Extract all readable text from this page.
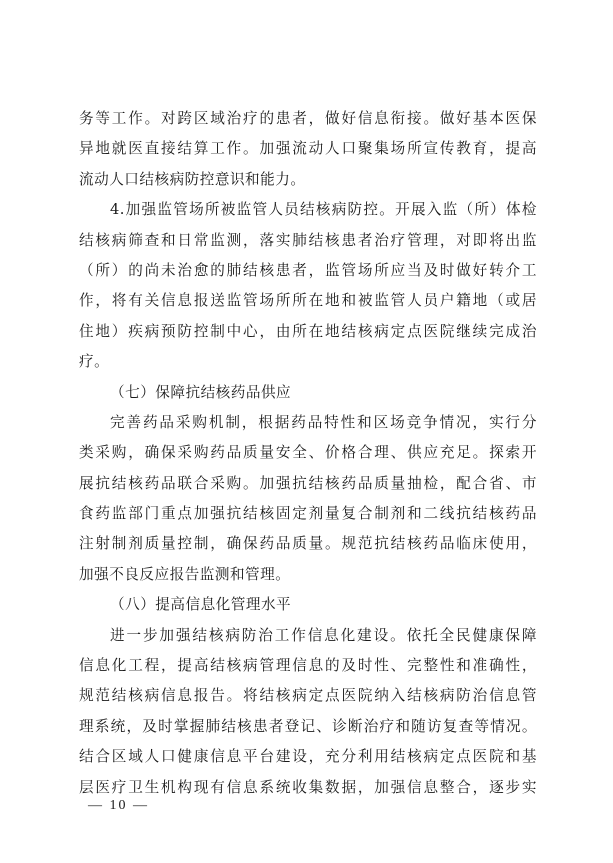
务等工作。对跨区域治疗的患者，做好信息衔接。做好基本医保
异地就医直接结算工作。加强流动人口聚集场所宣传教育，提高
流动人口结核病防控意识和能力。
4.加强监管场所被监管人员结核病防控。开展入监（所）体检
结核病筛查和日常监测，落实肺结核患者治疗管理，对即将出监
（所）的尚未治愈的肺结核患者，监管场所应当及时做好转介工
作，将有关信息报送监管场所所在地和被监管人员户籍地（或居
住地）疾病预防控制中心，由所在地结核病定点医院继续完成治
疗。
（七）保障抗结核药品供应
完善药品采购机制，根据药品特性和区场竞争情况，实行分
类采购，确保采购药品质量安全、价格合理、供应充足。探索开
展抗结核药品联合采购。加强抗结核药品质量抽检，配合省、市
食药监部门重点加强抗结核固定剂量复合制剂和二线抗结核药品
注射制剂质量控制，确保药品质量。规范抗结核药品临床使用，
加强不良反应报告监测和管理。
（八）提高信息化管理水平
进一步加强结核病防治工作信息化建设。依托全民健康保障
信息化工程，提高结核病管理信息的及时性、完整性和准确性，
规范结核病信息报告。将结核病定点医院纳入结核病防治信息管
理系统，及时掌握肺结核患者登记、诊断治疗和随访复查等情况。
结合区域人口健康信息平台建设，充分利用结核病定点医院和基
层医疗卫生机构现有信息系统收集数据，加强信息整合，逐步实
— 10 —
